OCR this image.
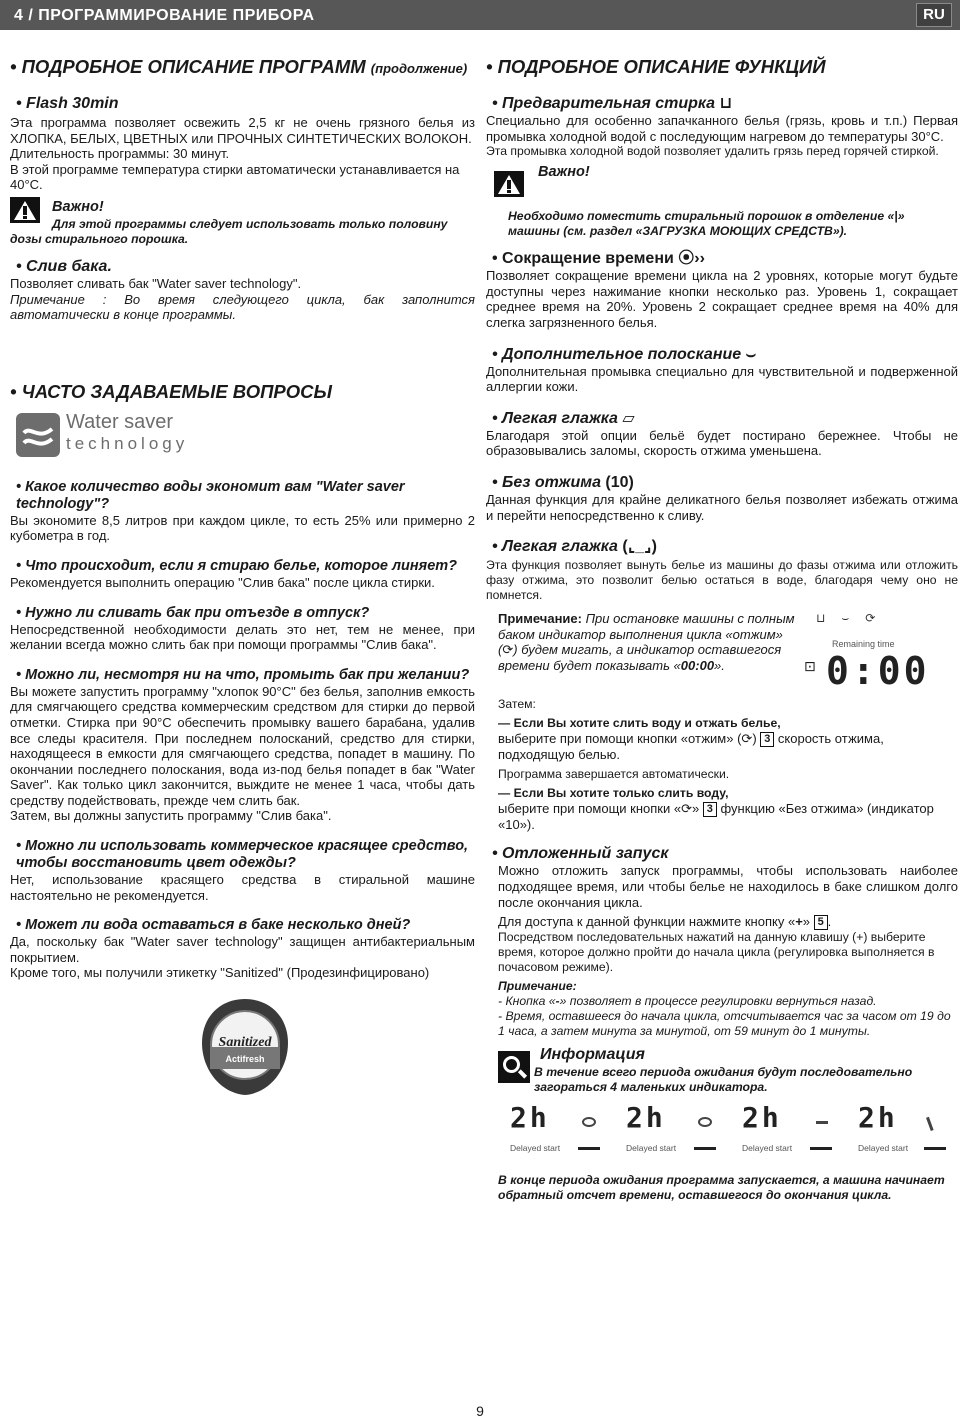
4 / ПРОГРАММИРОВАНИЕ ПРИБОРА	RU
• ПОДРОБНОЕ ОПИСАНИЕ ПРОГРАММ (продолжение)
• Flash 30min
Эта программа позволяет освежить 2,5 кг не очень грязного белья из ХЛОПКА, БЕЛЫХ, ЦВЕТНЫХ или ПРОЧНЫХ СИНТЕТИЧЕСКИХ ВОЛОКОН.
Длительность программы: 30 минут.
В этой программе температура стирки автоматически устанавливается на 40°C.
Важно!
Для этой программы следует использовать только половину дозы стирального порошка.
• Слив бака.
Позволяет сливать бак "Water saver technology".
Примечание : Во время следующего цикла, бак заполнится автоматически в конце программы.
• ЧАСТО ЗАДАВАЕМЫЕ ВОПРОСЫ
Water saver
technology
• Какое количество воды экономит вам "Water saver technology"?
Вы экономите 8,5 литров при каждом цикле, то есть 25% или примерно 2 кубометра в год.
• Что происходит, если я стираю белье, которое линяет?
Рекомендуется выполнить операцию "Слив бака" после цикла стирки.
• Нужно ли сливать бак при отъезде в отпуск?
Непосредственной необходимости делать это нет, тем не менее, при желании всегда можно слить бак при помощи программы "Слив бака".
• Можно ли, несмотря ни на что, промыть бак при желании?
Вы можете запустить программу "хлопок 90°C" без белья, заполнив емкость для смягчающего средства коммерческим средством для стирки до первой отметки. Стирка при 90°C обеспечить промывку вашего барабана, удалив все следы красителя. При последнем полосканий, средство для стирки, находящееся в емкости для смягчающего средства, попадет в машину. По окончании последнего полоскания, вода из-под белья попадет в бак "Water Saver". Как только цикл закончится, выждите не менее 1 часа, чтобы дать средству подействовать, прежде чем слить бак.
Затем, вы должны запустить программу "Слив бака".
• Можно ли использовать коммерческое красящее средство, чтобы восстановить цвет одежды?
Нет, использование красящего средства в стиральной машине настоятельно не рекомендуется.
• Может ли вода оставаться в баке несколько дней?
Да, поскольку бак "Water saver technology" защищен антибактериальным покрытием.
Кроме того, мы получили этикетку "Sanitized" (Продезинфицировано)
Sanitized
Actifresh
• ПОДРОБНОЕ ОПИСАНИЕ ФУНКЦИЙ
• Предварительная стирка ⊔
Специально для особенно запачканного белья (грязь, кровь и т.п.) Первая промывка холодной водой с последующим нагревом до температуры 30°C.
Эта промывка холодной водой позволяет удалить грязь перед горячей стиркой.
Важно!
Необходимо поместить стиральный порошок в отделение «|» машины (см. раздел «ЗАГРУЗКА МОЮЩИХ СРЕДСТВ»).
• Сокращение времени ⦿››
Позволяет сокращение времени цикла на 2 уровнях, которые могут будьте доступны через нажимание кнопки несколько раз. Уровень 1, сокращает среднее время на 20%. Уровень 2 сокращает среднее время на 40% для слегка загрязненного белья.
• Дополнительное полоскание ⌣
Дополнительная промывка специально для чувствительной и подверженной аллергии кожи.
• Легкая глажка ⏥
Благодаря этой опции бельё будет постирано бережнее. Чтобы не образовывались заломы, скорость отжима уменьшена.
• Без отжима (10)
Данная функция для крайне деликатного белья позволяет избежать отжима и перейти непосредственно к сливу.
• Легкая глажка (⌞_⌟)
Эта функция позволяет вынуть белье из машины до фазы отжима или отложить фазу отжима, это позволит белью остаться в воде, благодаря чему оно не помнется.
Примечание: При остановке машины с полным баком индикатор выполнения цикла «отжим» (⟳) будем мигать, а индикатор оставшегося времени будет показывать «00:00».
⊔⌣⟳
Remaining time
⊡ 0:00
Затем:
— Если Вы хотите слить воду и отжать белье,
выберите при помощи кнопки «отжим» (⟳) 3 скорость отжима, подходящую белью.
Программа завершается автоматически.
— Если Вы хотите только слить воду,
ыберите при помощи кнопки «⟳» 3 функцию «Без отжима» (индикатор «10»).
• Отложенный запуск
Можно отложить запуск программы, чтобы использовать наиболее подходящее время, или чтобы белье не находилось в баке слишком долго после окончания цикла.
Для доступа к данной функции нажмите кнопку «+» 5 .
Посредством последовательных нажатий на данную клавишу (+) выберите время, которое должно пройти до начала цикла (регулировка выполняется в почасовом режиме).
Примечание:
- Кнопка «-» позволяет в процессе регулировки вернуться назад.
- Время, оставшееся до начала цикла, отсчитывается час за часом от 19 до 1 часа, а затем минута за минутой, от 59 минут до 1 минуты.
Информация
В течение всего периода ожидания будут последовательно загораться 4 маленьких индикатора.
2h
Delayed start
2h
Delayed start
2h
Delayed start
2h
Delayed start
В конце периода ожидания программа запускается, а машина начинает обратный отсчет времени, оставшегося до окончания цикла.
9
